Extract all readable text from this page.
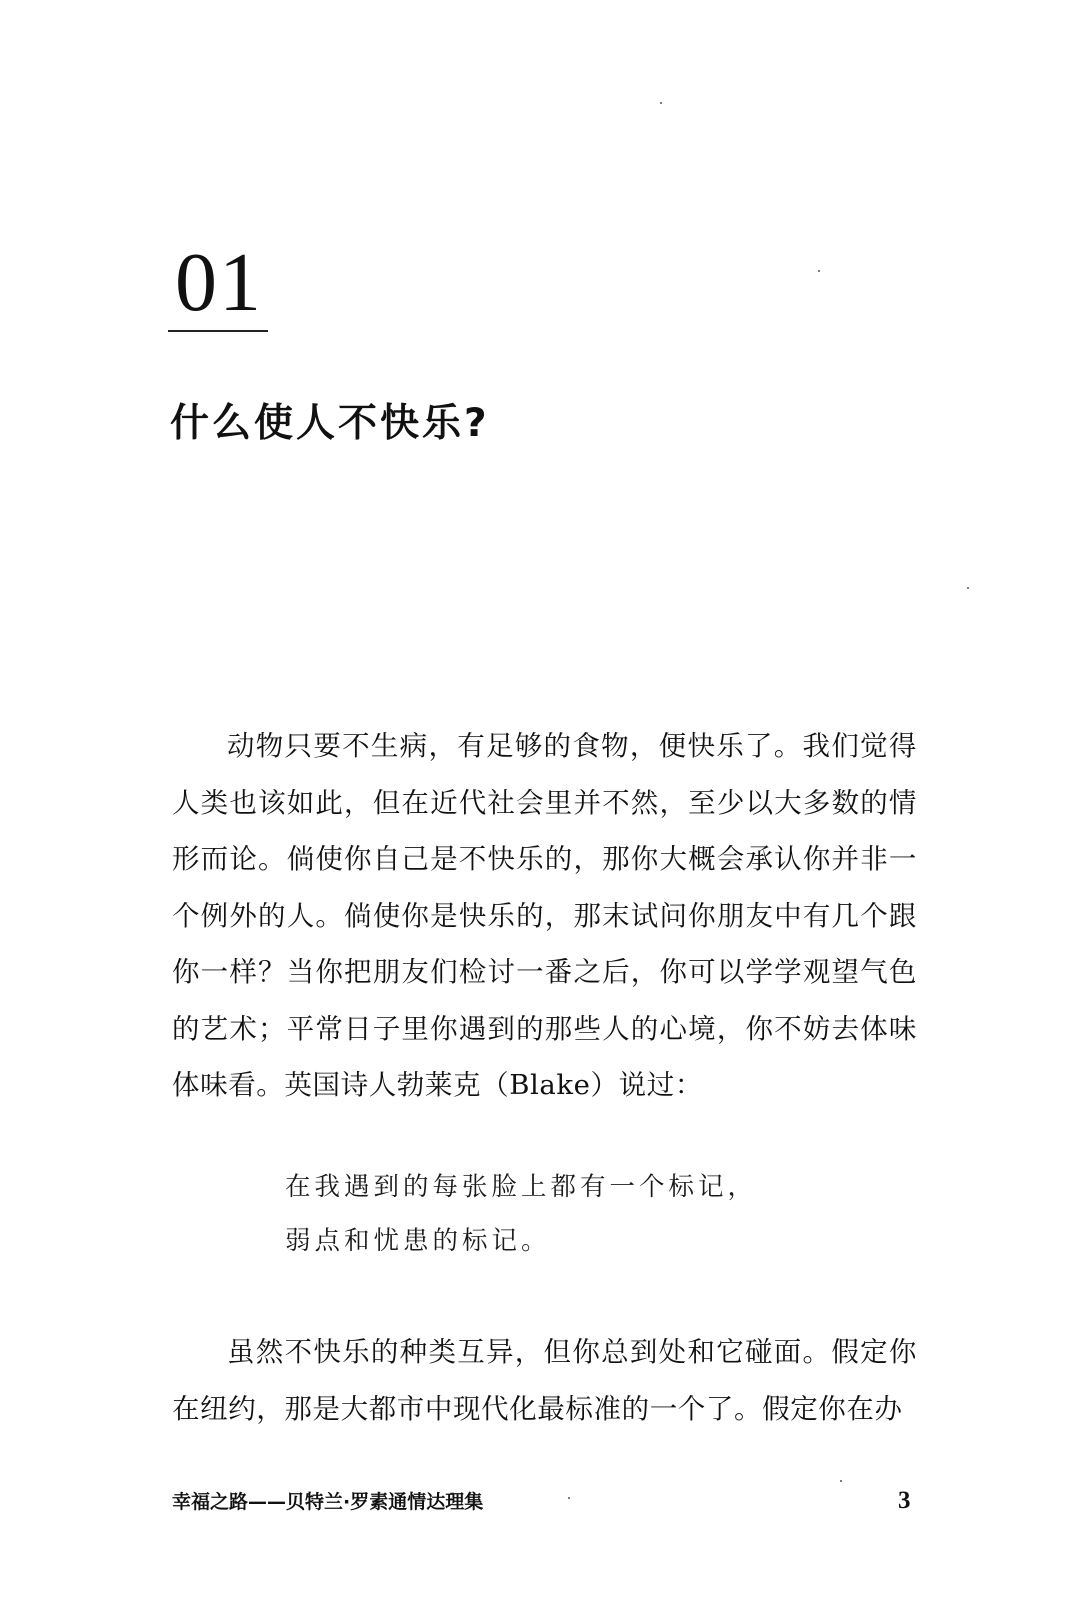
01
什么使人不快乐?

动物只要不生病，有足够的食物，便快乐了。我们觉得人类也该如此，但在近代社会里并不然，至少以大多数的情形而论。倘使你自己是不快乐的，那你大概会承认你并非一个例外的人。倘使你是快乐的，那末试问你朋友中有几个跟你一样？当你把朋友们检讨一番之后，你可以学学观望气色的艺术；平常日子里你遇到的那些人的心境，你不妨去体味体味看。英国诗人勃莱克（Blake）说过：

在我遇到的每张脸上都有一个标记，
弱点和忧患的标记。

虽然不快乐的种类互异，但你总到处和它碰面。假定你在纽约，那是大都市中现代化最标准的一个了。假定你在办

幸福之路——贝特兰·罗素通情达理集	3
